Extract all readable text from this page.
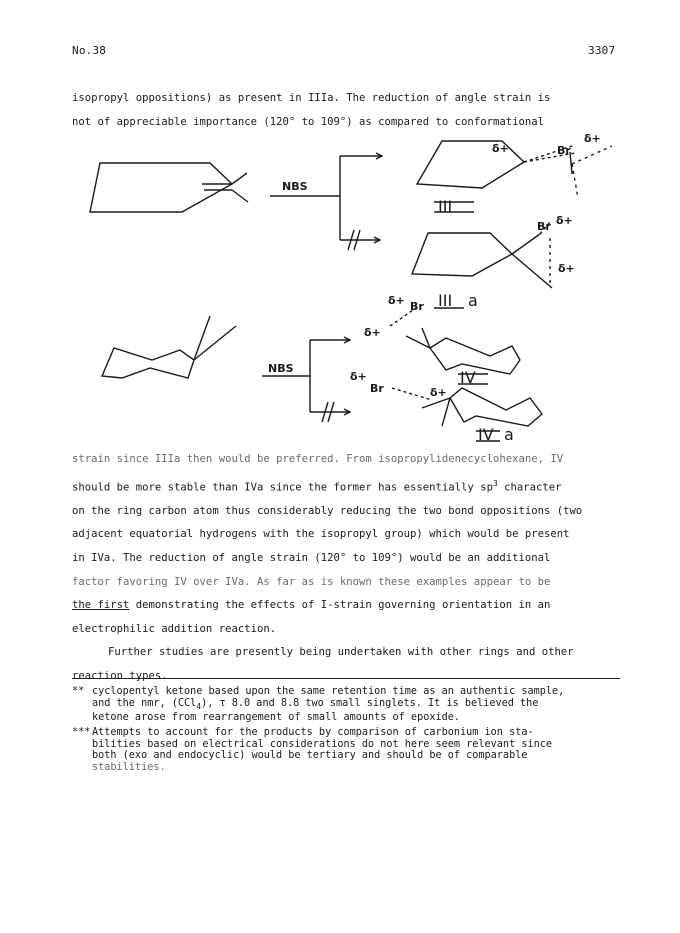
No.38	3307

isopropyl oppositions) as present in IIIa. The reduction of angle strain is

not of appreciable importance (120° to 109°) as compared to conformational

NBS
NBS
Br
δ+
δ+
Br δ+
δ+
Br
δ+
δ+
δ+
Br	δ+
III
III a
IV
IV a

strain since IIIa then would be preferred. From isopropylidenecyclohexane, IV

should be more stable than IVa since the former has essentially $sp^3$ character

on the ring carbon atom thus considerably reducing the two bond oppositions (two

adjacent equatorial hydrogens with the isopropyl group) which would be present

in IVa. The reduction of angle strain (120° to 109°) would be an additional

factor favoring IV over IVa. As far as is known these examples appear to be

the first demonstrating the effects of I-strain governing orientation in an

electrophilic addition reaction.

Further studies are presently being undertaken with other rings and other

reaction types.

** cyclopentyl ketone based upon the same retention time as an authentic sample,
and the nmr, (CCl$_4$), τ 8.0 and 8.8 two small singlets. It is believed the
ketone arose from rearrangement of small amounts of epoxide.
*** Attempts to account for the products by comparison of carbonium ion sta-
bilities based on electrical considerations do not here seem relevant since
both (exo and endocyclic) would be tertiary and should be of comparable
stabilities.
